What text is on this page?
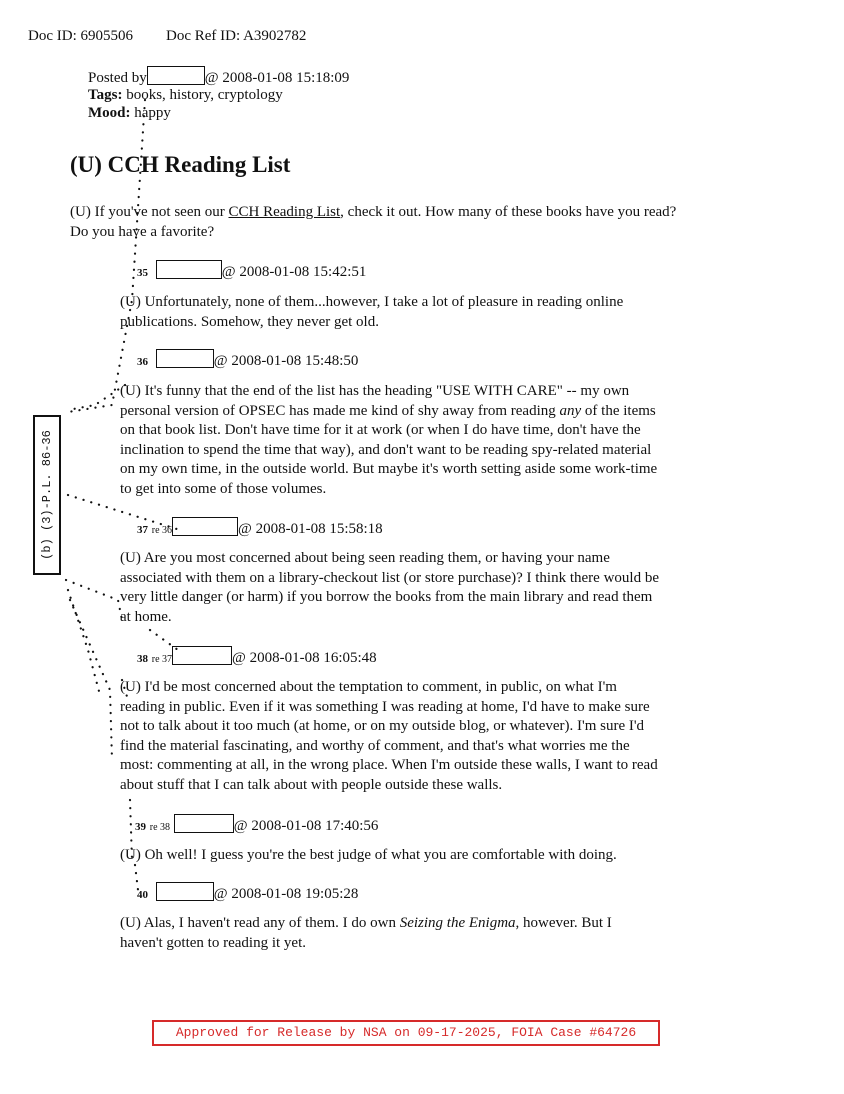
Doc ID: 6905506 Doc Ref ID: A3902782
Posted by	@ 2008-01-08 15:18:09
Tags: books, history, cryptology
Mood: happy
(U) CCH Reading List
(U) If you've not seen our CCH Reading List, check it out. How many of these books have you read?
Do you have a favorite?
35	@ 2008-01-08 15:42:51
(U) Unfortunately, none of them...however, I take a lot of pleasure in reading online
publications. Somehow, they never get old.
36	@ 2008-01-08 15:48:50
(U) It's funny that the end of the list has the heading "USE WITH CARE" -- my own
personal version of OPSEC has made me kind of shy away from reading any of the items
on that book list. Don't have time for it at work (or when I do have time, don't have the
inclination to spend the time that way), and don't want to be reading spy-related material
on my own time, in the outside world. But maybe it's worth setting aside some work-time
to get into some of those volumes.
37 re 36	@ 2008-01-08 15:58:18
(U) Are you most concerned about being seen reading them, or having your name
associated with them on a library-checkout list (or store purchase)? I think there would be
very little danger (or harm) if you borrow the books from the main library and read them
at home.
38 re 37	@ 2008-01-08 16:05:48
(U) I'd be most concerned about the temptation to comment, in public, on what I'm
reading in public. Even if it was something I was reading at home, I'd have to make sure
not to talk about it too much (at home, or on my outside blog, or whatever). I'm sure I'd
find the material fascinating, and worthy of comment, and that's what worries me the
most: commenting at all, in the wrong place. When I'm outside these walls, I want to read
about stuff that I can talk about with people outside these walls.
39 re 38	@ 2008-01-08 17:40:56
(U) Oh well! I guess you're the best judge of what you are comfortable with doing.
40	@ 2008-01-08 19:05:28
(U) Alas, I haven't read any of them. I do own Seizing the Enigma, however. But I
haven't gotten to reading it yet.
(b) (3)-P.L. 86-36
Approved for Release by NSA on 09-17-2025, FOIA Case #64726
